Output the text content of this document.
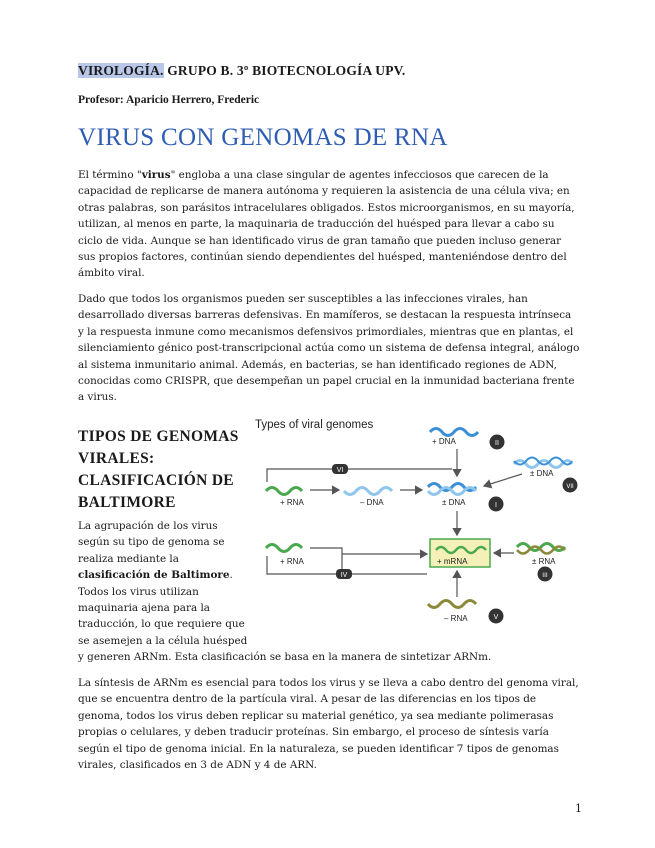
VIROLOGÍA. GRUPO B. 3º BIOTECNOLOGÍA UPV.
Profesor: Aparicio Herrero, Frederic
VIRUS CON GENOMAS DE RNA

El término "virus" engloba a una clase singular de agentes infecciosos que carecen de la capacidad de replicarse de manera autónoma y requieren la asistencia de una célula viva; en otras palabras, son parásitos intracelulares obligados. Estos microorganismos, en su mayoría, utilizan, al menos en parte, la maquinaria de traducción del huésped para llevar a cabo su ciclo de vida. Aunque se han identificado virus de gran tamaño que pueden incluso generar sus propios factores, continúan siendo dependientes del huésped, manteniéndose dentro del ámbito viral.

Dado que todos los organismos pueden ser susceptibles a las infecciones virales, han desarrollado diversas barreras defensivas. En mamíferos, se destacan la respuesta intrínseca y la respuesta inmune como mecanismos defensivos primordiales, mientras que en plantas, el silenciamiento génico post-transcripcional actúa como un sistema de defensa integral, análogo al sistema inmunitario animal. Además, en bacterias, se han identificado regiones de ADN, conocidas como CRISPR, que desempeñan un papel crucial en la inmunidad bacteriana frente a virus.

TIPOS DE GENOMAS VIRALES: CLASIFICACIÓN DE BALTIMORE

La agrupación de los virus según su tipo de genoma se realiza mediante la clasificación de Baltimore. Todos los virus utilizan maquinaria ajena para la traducción, lo que requiere que se asemejen a la célula huésped

y generen ARNm. Esta clasificación se basa en la manera de sintetizar ARNm.

Types of viral genomes
+ DNA	II
± DNA
VII
VI
+ RNA	– DNA	± DNA	I
+ mRNA
+ RNA
IV
± RNA
III
– RNA	V

La síntesis de ARNm es esencial para todos los virus y se lleva a cabo dentro del genoma viral, que se encuentra dentro de la partícula viral. A pesar de las diferencias en los tipos de genoma, todos los virus deben replicar su material genético, ya sea mediante polimerasas propias o celulares, y deben traducir proteínas. Sin embargo, el proceso de síntesis varía según el tipo de genoma inicial. En la naturaleza, se pueden identificar 7 tipos de genomas virales, clasificados en 3 de ADN y 4 de ARN.

1
